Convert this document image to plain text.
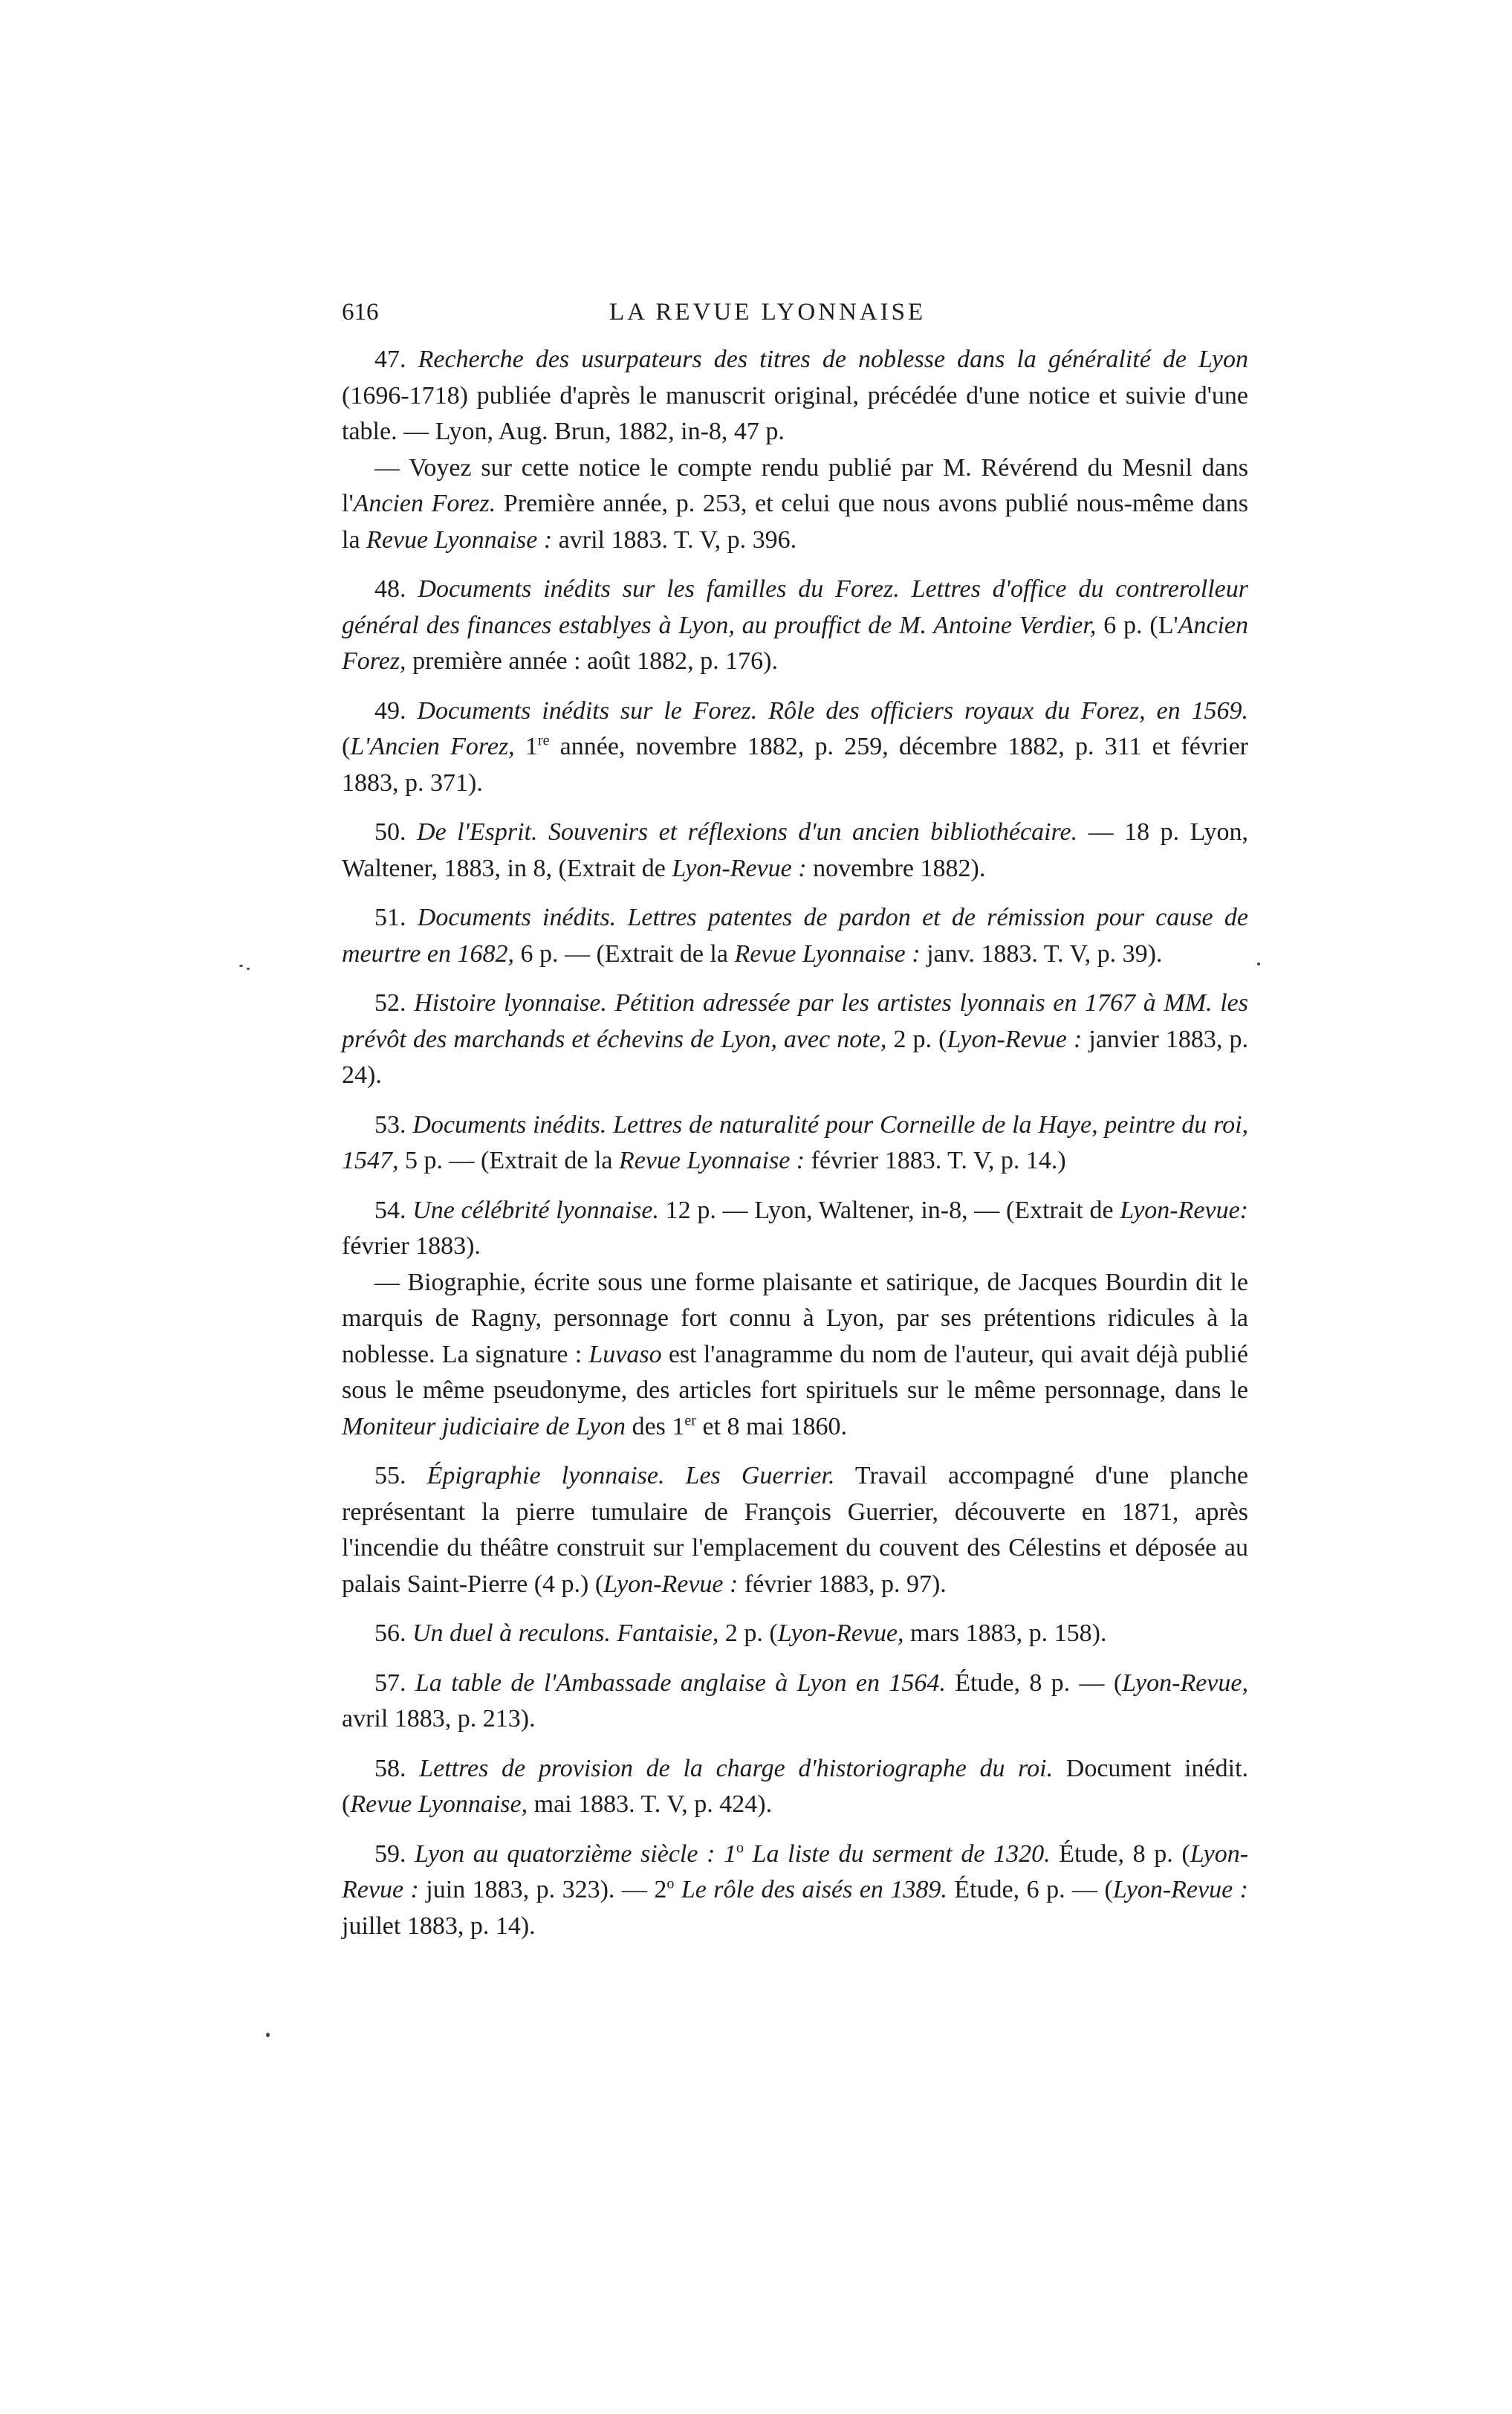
616	LA REVUE LYONNAISE

47. Recherche des usurpateurs des titres de noblesse dans la généralité de Lyon (1696-1718) publiée d'après le manuscrit original, précédée d'une notice et suivie d'une table. — Lyon, Aug. Brun, 1882, in-8, 47 p.

— Voyez sur cette notice le compte rendu publié par M. Révérend du Mesnil dans l'Ancien Forez. Première année, p. 253, et celui que nous avons publié nous-même dans la Revue Lyonnaise : avril 1883. T. V, p. 396.

48. Documents inédits sur les familles du Forez. Lettres d'office du contrerolleur général des finances establyes à Lyon, au prouffict de M. Antoine Verdier, 6 p. (L'Ancien Forez, première année : août 1882, p. 176).

49. Documents inédits sur le Forez. Rôle des officiers royaux du Forez, en 1569. (L'Ancien Forez, 1re année, novembre 1882, p. 259, décembre 1882, p. 311 et février 1883, p. 371).

50. De l'Esprit. Souvenirs et réflexions d'un ancien bibliothécaire. — 18 p. Lyon, Waltener, 1883, in 8, (Extrait de Lyon-Revue : novembre 1882).

51. Documents inédits. Lettres patentes de pardon et de rémission pour cause de meurtre en 1682, 6 p. — (Extrait de la Revue Lyonnaise : janv. 1883. T. V, p. 39).

52. Histoire lyonnaise. Pétition adressée par les artistes lyonnais en 1767 à MM. les prévôt des marchands et échevins de Lyon, avec note, 2 p. (Lyon-Revue : janvier 1883, p. 24).

53. Documents inédits. Lettres de naturalité pour Corneille de la Haye, peintre du roi, 1547, 5 p. — (Extrait de la Revue Lyonnaise : février 1883. T. V, p. 14.)

54. Une célébrité lyonnaise. 12 p. — Lyon, Waltener, in-8, — (Extrait de Lyon-Revue: février 1883).

— Biographie, écrite sous une forme plaisante et satirique, de Jacques Bourdin dit le marquis de Ragny, personnage fort connu à Lyon, par ses prétentions ridicules à la noblesse. La signature : Luvaso est l'anagramme du nom de l'auteur, qui avait déjà publié sous le même pseudonyme, des articles fort spirituels sur le même personnage, dans le Moniteur judiciaire de Lyon des 1er et 8 mai 1860.

55. Épigraphie lyonnaise. Les Guerrier. Travail accompagné d'une planche représentant la pierre tumulaire de François Guerrier, découverte en 1871, après l'incendie du théâtre construit sur l'emplacement du couvent des Célestins et déposée au palais Saint-Pierre (4 p.) (Lyon-Revue : février 1883, p. 97).

56. Un duel à reculons. Fantaisie, 2 p. (Lyon-Revue, mars 1883, p. 158).

57. La table de l'Ambassade anglaise à Lyon en 1564. Étude, 8 p. — (Lyon-Revue, avril 1883, p. 213).

58. Lettres de provision de la charge d'historiographe du roi. Document inédit. (Revue Lyonnaise, mai 1883. T. V, p. 424).

59. Lyon au quatorzième siècle : 1$^o$ La liste du serment de 1320. Étude, 8 p. (Lyon-Revue : juin 1883, p. 323). — 2$^o$ Le rôle des aisés en 1389. Étude, 6 p. — (Lyon-Revue : juillet 1883, p. 14).
